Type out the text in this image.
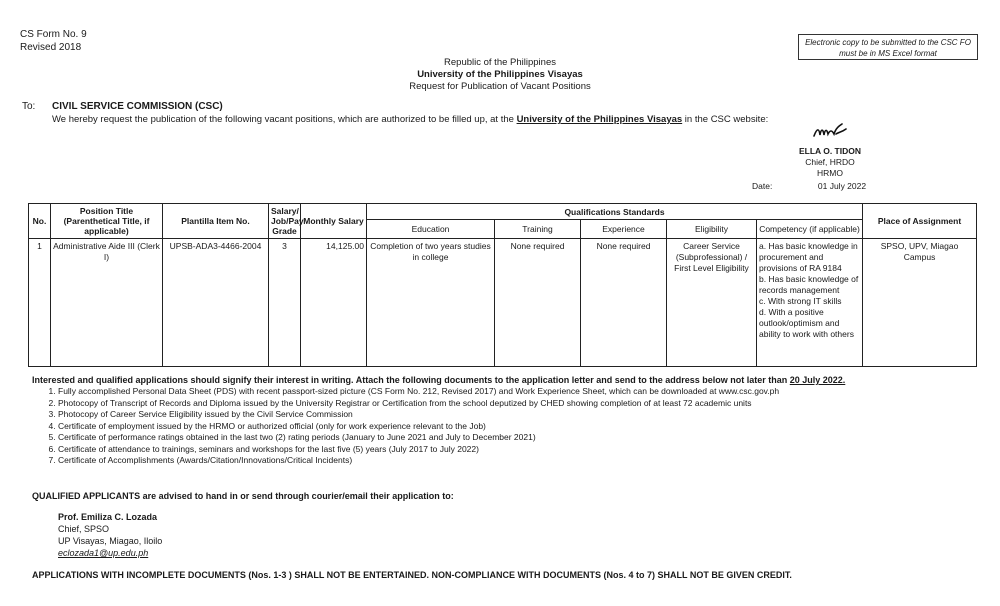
CS Form No. 9
Revised 2018	Electronic copy to be submitted to the CSC FO must be in MS Excel format
Republic of the Philippines
University of the Philippines Visayas
Request for Publication of Vacant Positions
To: CIVIL SERVICE COMMISSION (CSC)
We hereby request the publication of the following vacant positions, which are authorized to be filled up, at the University of the Philippines Visayas in the CSC website:
ELLA O. TIDON
Chief, HRDO
HRMO
Date:	01 July 2022
No.	Position Title (Parenthetical Title, if applicable)	Plantilla Item No.	Salary/ Job/Pay Grade	Monthly Salary	Qualifications Standards					Place of Assignment
					Education	Training	Experience	Eligibility	Competency (if applicable)	
1	Administrative Aide III (Clerk I)	UPSB-ADA3-4466-2004	3	14,125.00	Completion of two years studies in college	None required	None required	Career Service (Subprofessional) / First Level Eligibility	a. Has basic knowledge in procurement and provisions of RA 9184
b. Has basic knowledge of records management
c. With strong IT skills
d. With a positive outlook/optimism and ability to work with others	SPSO, UPV, Miagao Campus
Interested and qualified applications should signify their interest in writing. Attach the following documents to the application letter and send to the address below not later than 20 July 2022.
1. Fully accomplished Personal Data Sheet (PDS) with recent passport-sized picture (CS Form No. 212, Revised 2017) and Work Experience Sheet, which can be downloaded at www.csc.gov.ph
2. Photocopy of Transcript of Records and Diploma issued by the University Registrar or Certification from the school deputized by CHED showing completion of at least 72 academic units
3. Photocopy of Career Service Eligibility issued by the Civil Service Commission
4. Certificate of employment issued by the HRMO or authorized official (only for work experience relevant to the Job)
5. Certificate of performance ratings obtained in the last two (2) rating periods (January to June 2021 and July to December 2021)
6. Certificate of attendance to trainings, seminars and workshops for the last five (5) years (July 2017 to July 2022)
7. Certificate of Accomplishments (Awards/Citation/Innovations/Critical Incidents)
QUALIFIED APPLICANTS are advised to hand in or send through courier/email their application to:
Prof. Emiliza C. Lozada
Chief, SPSO
UP Visayas, Miagao, Iloilo
eclozada1@up.edu.ph
APPLICATIONS WITH INCOMPLETE DOCUMENTS (Nos. 1-3 ) SHALL NOT BE ENTERTAINED. NON-COMPLIANCE WITH DOCUMENTS (Nos. 4 to 7) SHALL NOT BE GIVEN CREDIT.
